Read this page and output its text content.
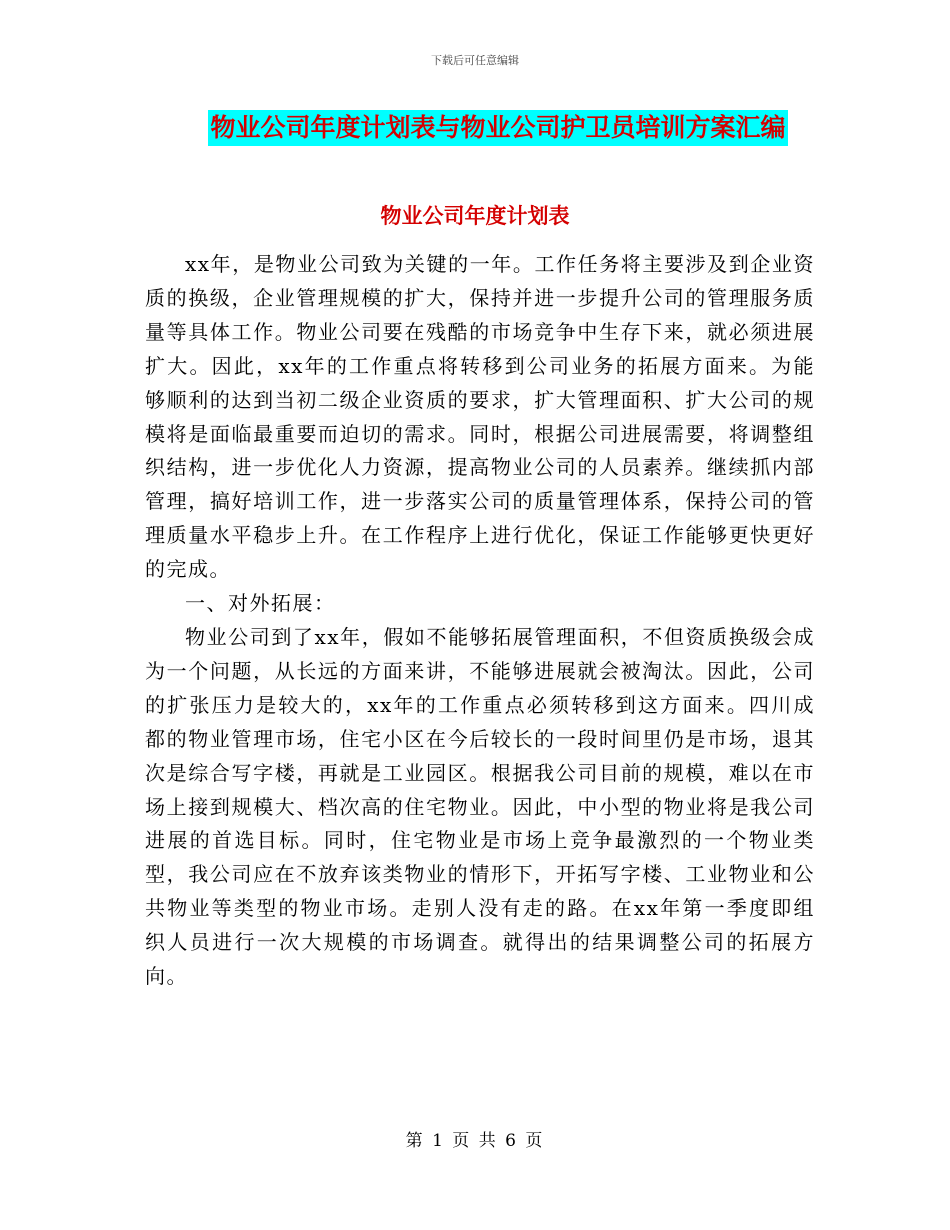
下载后可任意编辑
物业公司年度计划表与物业公司护卫员培训方案汇编
物业公司年度计划表

xx年，是物业公司致为关键的一年。工作任务将主要涉及到企业资质的换级，企业管理规模的扩大，保持并进一步提升公司的管理服务质量等具体工作。物业公司要在残酷的市场竞争中生存下来，就必须进展扩大。因此，xx年的工作重点将转移到公司业务的拓展方面来。为能够顺利的达到当初二级企业资质的要求，扩大管理面积、扩大公司的规模将是面临最重要而迫切的需求。同时，根据公司进展需要，将调整组织结构，进一步优化人力资源，提高物业公司的人员素养。继续抓内部管理，搞好培训工作，进一步落实公司的质量管理体系，保持公司的管理质量水平稳步上升。在工作程序上进行优化，保证工作能够更快更好的完成。

一、对外拓展：

物业公司到了xx年，假如不能够拓展管理面积，不但资质换级会成为一个问题，从长远的方面来讲，不能够进展就会被淘汰。因此，公司的扩张压力是较大的，xx年的工作重点必须转移到这方面来。四川成都的物业管理市场，住宅小区在今后较长的一段时间里仍是市场，退其次是综合写字楼，再就是工业园区。根据我公司目前的规模，难以在市场上接到规模大、档次高的住宅物业。因此，中小型的物业将是我公司进展的首选目标。同时，住宅物业是市场上竞争最激烈的一个物业类型，我公司应在不放弃该类物业的情形下，开拓写字楼、工业物业和公共物业等类型的物业市场。走别人没有走的路。在xx年第一季度即组织人员进行一次大规模的市场调查。就得出的结果调整公司的拓展方向。

第 1 页 共 6 页
